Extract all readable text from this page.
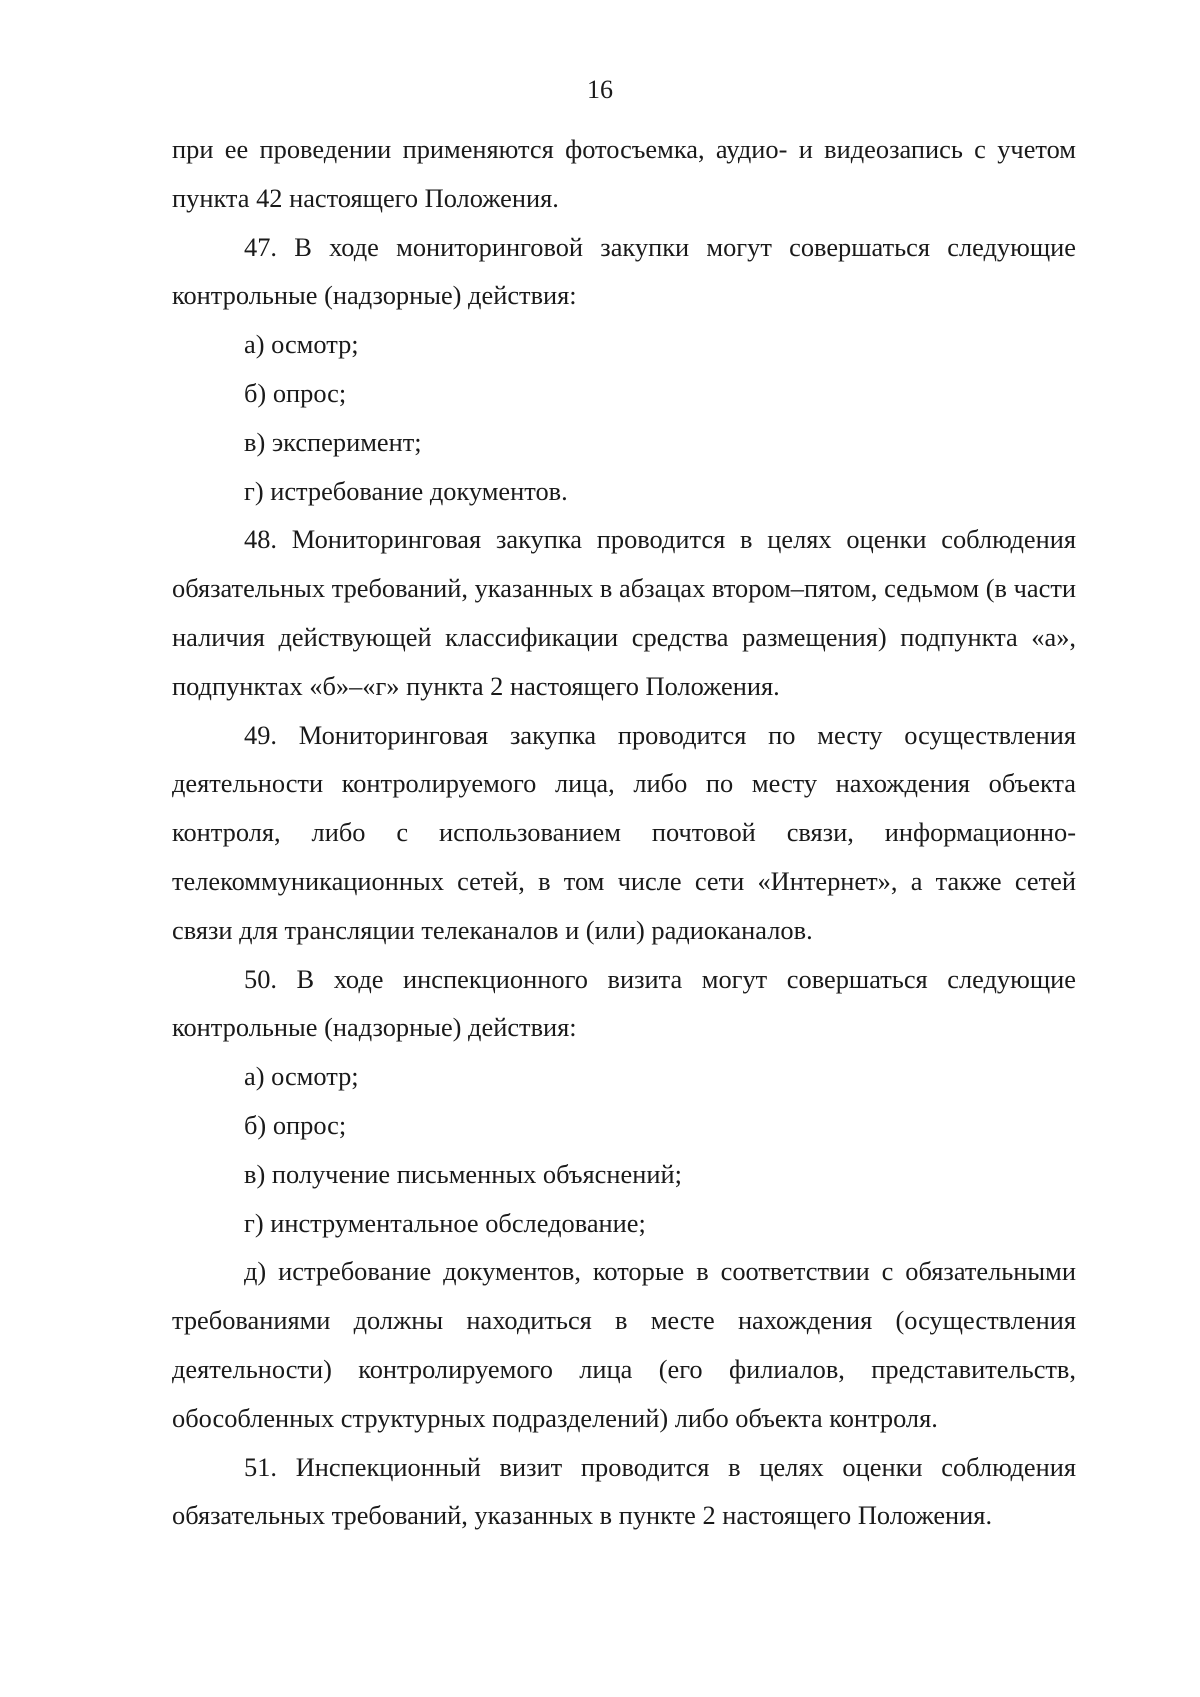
16

при ее проведении применяются фотосъемка, аудио- и видеозапись с учетом пункта 42 настоящего Положения.

47. В ходе мониторинговой закупки могут совершаться следующие контрольные (надзорные) действия:

а) осмотр;

б) опрос;

в) эксперимент;

г) истребование документов.

48. Мониторинговая закупка проводится в целях оценки соблюдения обязательных требований, указанных в абзацах втором–пятом, седьмом (в части наличия действующей классификации средства размещения) подпункта «а», подпунктах «б»–«г» пункта 2 настоящего Положения.

49. Мониторинговая закупка проводится по месту осуществления деятельности контролируемого лица, либо по месту нахождения объекта контроля, либо с использованием почтовой связи, информационно-телекоммуникационных сетей, в том числе сети «Интернет», а также сетей связи для трансляции телеканалов и (или) радиоканалов.

50. В ходе инспекционного визита могут совершаться следующие контрольные (надзорные) действия:

а) осмотр;

б) опрос;

в) получение письменных объяснений;

г) инструментальное обследование;

д) истребование документов, которые в соответствии с обязательными требованиями должны находиться в месте нахождения (осуществления деятельности) контролируемого лица (его филиалов, представительств, обособленных структурных подразделений) либо объекта контроля.

51. Инспекционный визит проводится в целях оценки соблюдения обязательных требований, указанных в пункте 2 настоящего Положения.
